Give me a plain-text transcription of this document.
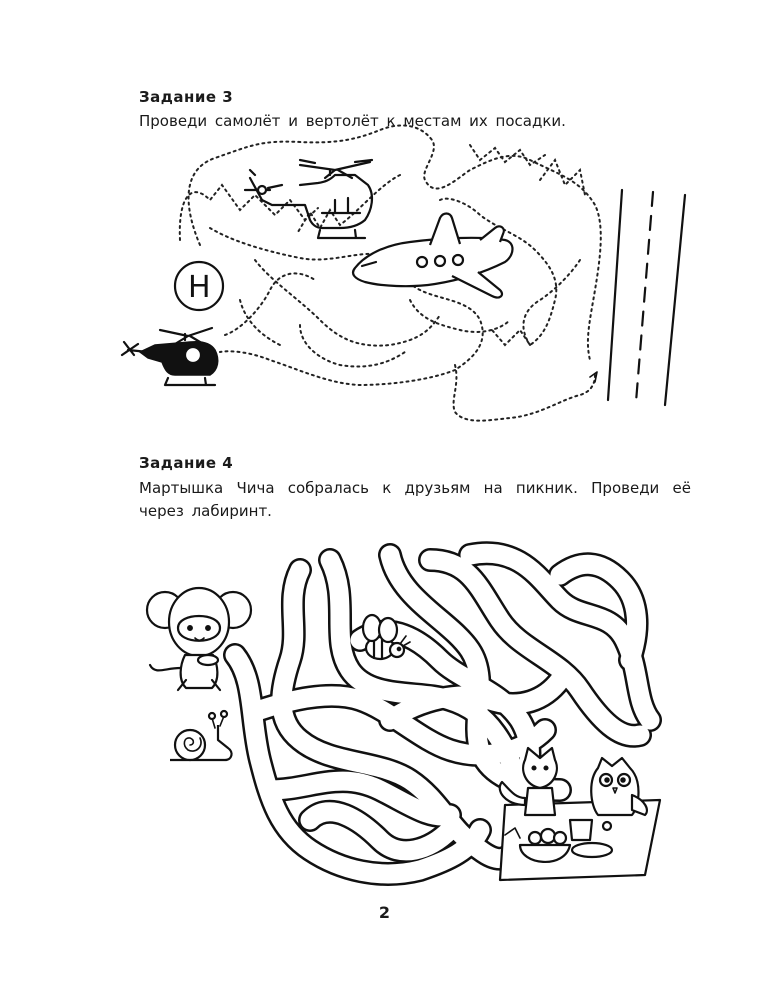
Задание 3
Проведи самолёт и вертолёт к местам их посадки.
H
Задание 4
Мартышка Чича собралась к друзьям на пикник. Проведи её через лабиринт.
2
